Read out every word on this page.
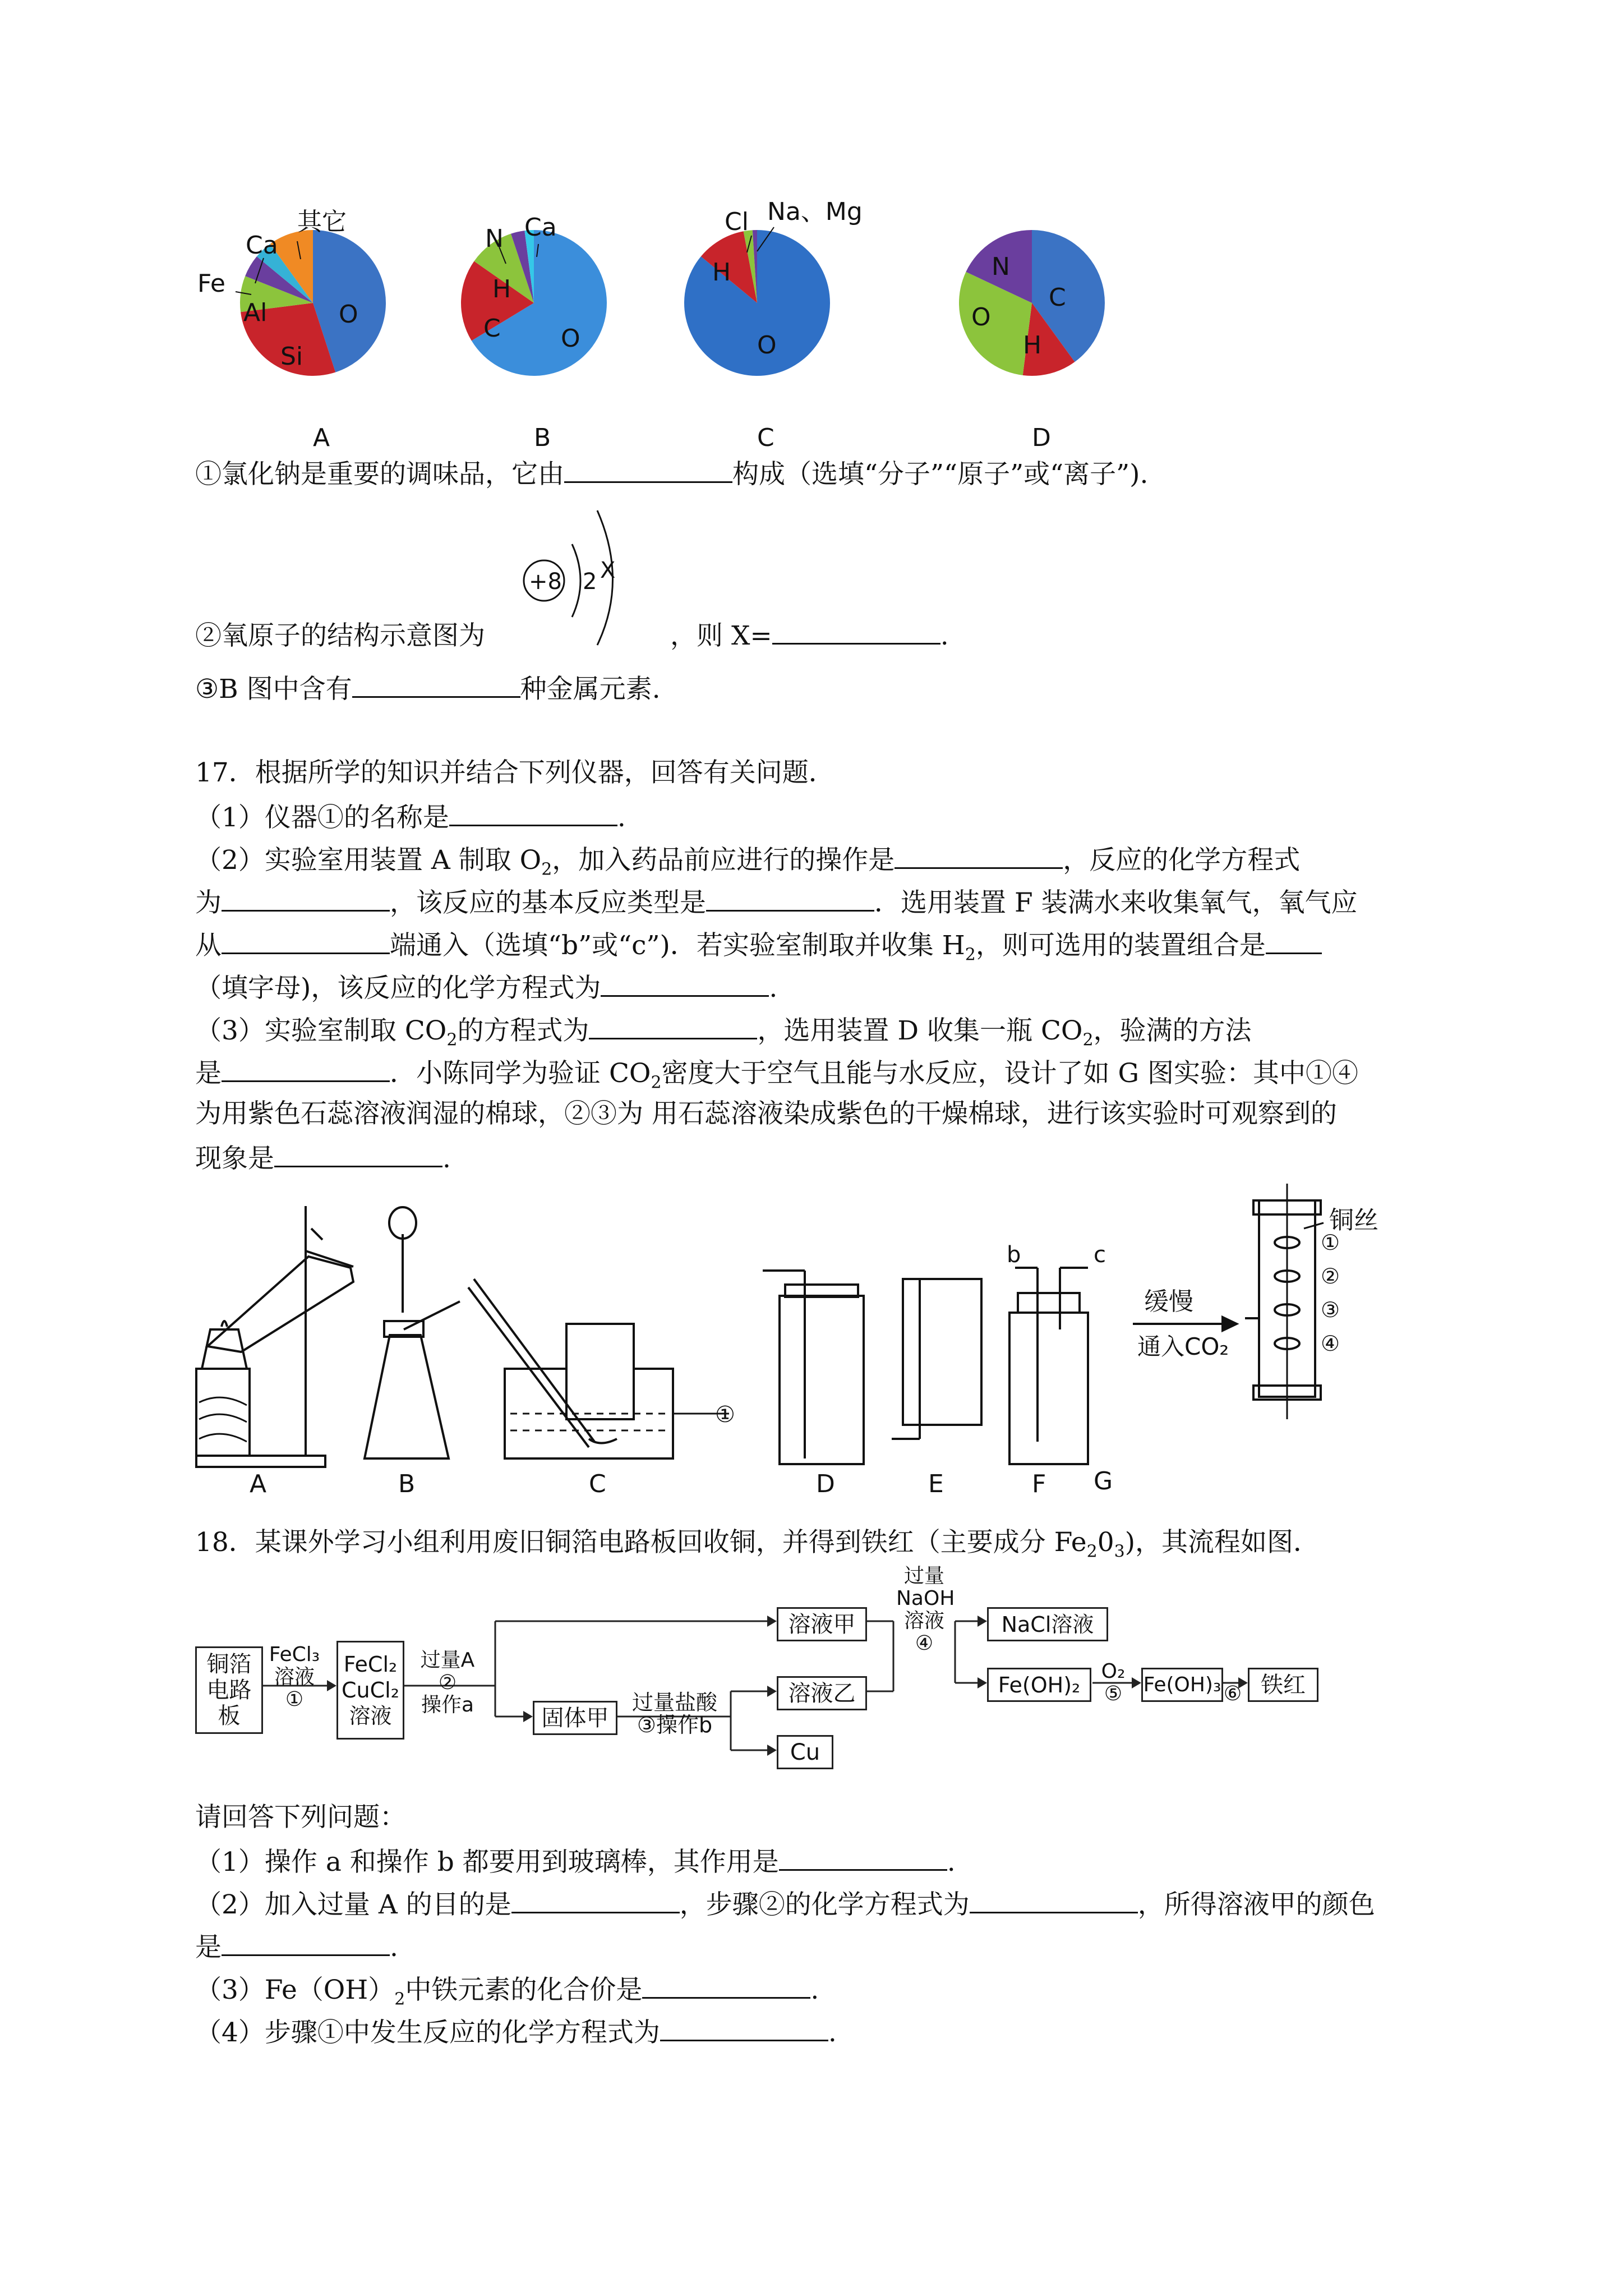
其它
Ca
Fe
Al
Si
O
Ca
N
H
C O
Cl Na、Mg
H
O
N
O
H
C
A	B	C	D
①氯化钠是重要的调味品，它由	构成（选填“分子”“原子”或“离子”).
+8 2 X
②氧原子的结构示意图为	，则 X=	.
③B 图中含有	种金属元素.
17．根据所学的知识并结合下列仪器，回答有关问题．
（1）仪器①的名称是	.
（2）实验室用装置 A 制取 $O_2$，加入药品前应进行的操作是	，反应的化学方程式
为	，该反应的基本反应类型是	．选用装置 F 装满水来收集氧气，氧气应
从	端通入（选填“b”或“c”)．若实验室制取并收集 $H_2$，则可选用的装置组合是
（填字母)，该反应的化学方程式为	.
（3）实验室制取 $CO_2$的方程式为	，选用装置 D 收集一瓶 $CO_2$，验满的方法
是	．小陈同学为验证 $CO_2$密度大于空气且能与水反应，设计了如 G 图实验：其中①④
为用紫色石蕊溶液润湿的棉球，②③为 用石蕊溶液染成紫色的干燥棉球，进行该实验时可观察到的
现象是	.
①
b	c
缓慢
通入CO₂
铜丝
①
②
③
④
A	B	C	D	E	F G
18．某课外学习小组利用废旧铜箔电路板回收铜，并得到铁红（主要成分 $Fe_20_3$)，其流程如图．
铜箔
电路
板
FeCl₃
溶液
①
FeCl₂
CuCl₂
溶液
过量A
②
操作a
溶液甲
固体甲
过量盐酸
③操作b
溶液乙
Cu
过量
NaOH
溶液
④
NaCl溶液
Fe(OH)₂
O₂
⑤	Fe(OH)₃ ⑥ 铁红
请回答下列问题：
（1）操作 a 和操作 b 都要用到玻璃棒，其作用是	.
（2）加入过量 A 的目的是	，步骤②的化学方程式为	，所得溶液甲的颜色
是	.
$(3)Fe(OH)_2$中铁元素的化合价是	.
（4）步骤①中发生反应的化学方程式为	.
